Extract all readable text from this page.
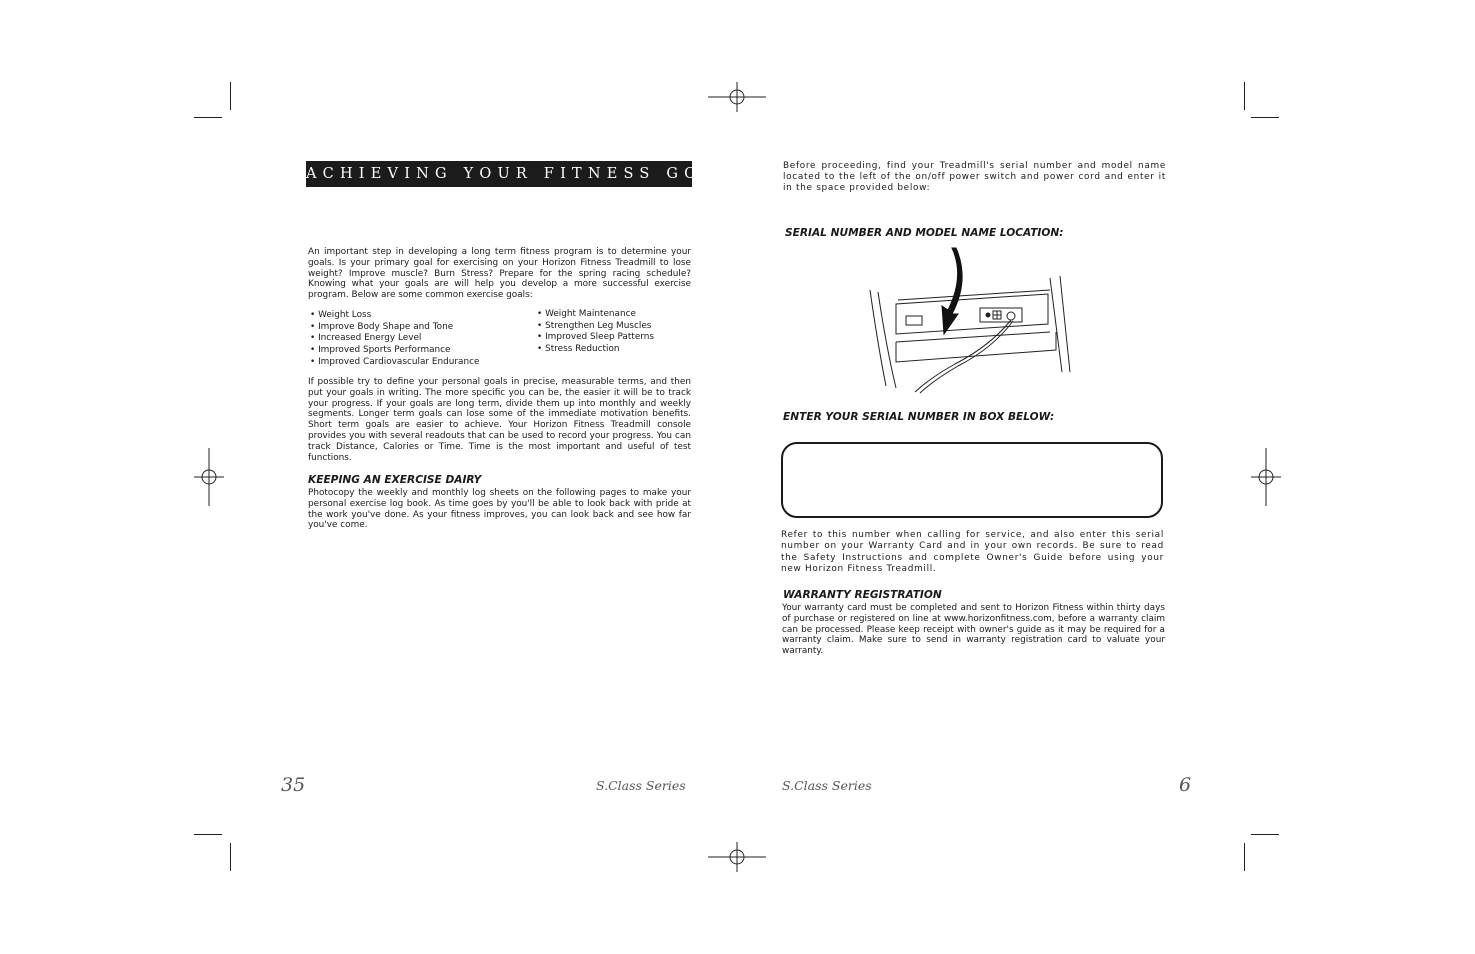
ACHIEVING YOUR FITNESS GOALS

An important step in developing a long term fitness program is to determine your goals. Is your primary goal for exercising on your Horizon Fitness Treadmill to lose weight? Improve muscle? Burn Stress? Prepare for the spring racing schedule? Knowing what your goals are will help you develop a more successful exercise program. Below are some common exercise goals:

• Weight Loss
• Improve Body Shape and Tone
• Increased Energy Level
• Improved Sports Performance
• Improved Cardiovascular Endurance
• Weight Maintenance
• Strengthen Leg Muscles
• Improved Sleep Patterns
• Stress Reduction

If possible try to define your personal goals in precise, measurable terms, and then put your goals in writing. The more specific you can be, the easier it will be to track your progress. If your goals are long term, divide them up into monthly and weekly segments. Longer term goals can lose some of the immediate motivation benefits. Short term goals are easier to achieve. Your Horizon Fitness Treadmill console provides you with several readouts that can be used to record your progress. You can track Distance, Calories or Time. Time is the most important and useful of test functions.

KEEPING AN EXERCISE DAIRY

Photocopy the weekly and monthly log sheets on the following pages to make your personal exercise log book. As time goes by you'll be able to look back with pride at the work you've done. As your fitness improves, you can look back and see how far you've come.

35	S.Class Series

Before proceeding, find your Treadmill's serial number and model name located to the left of the on/off power switch and power cord and enter it in the space provided below:

SERIAL NUMBER AND MODEL NAME LOCATION:
ENTER YOUR SERIAL NUMBER IN BOX BELOW:

Refer to this number when calling for service, and also enter this serial number on your Warranty Card and in your own records. Be sure to read the Safety Instructions and complete Owner's Guide before using your new Horizon Fitness Treadmill.

WARRANTY REGISTRATION

Your warranty card must be completed and sent to Horizon Fitness within thirty days of purchase or registered on line at www.horizonfitness.com, before a warranty claim can be processed. Please keep receipt with owner's guide as it may be required for a warranty claim. Make sure to send in warranty registration card to valuate your warranty.

S.Class Series	6
